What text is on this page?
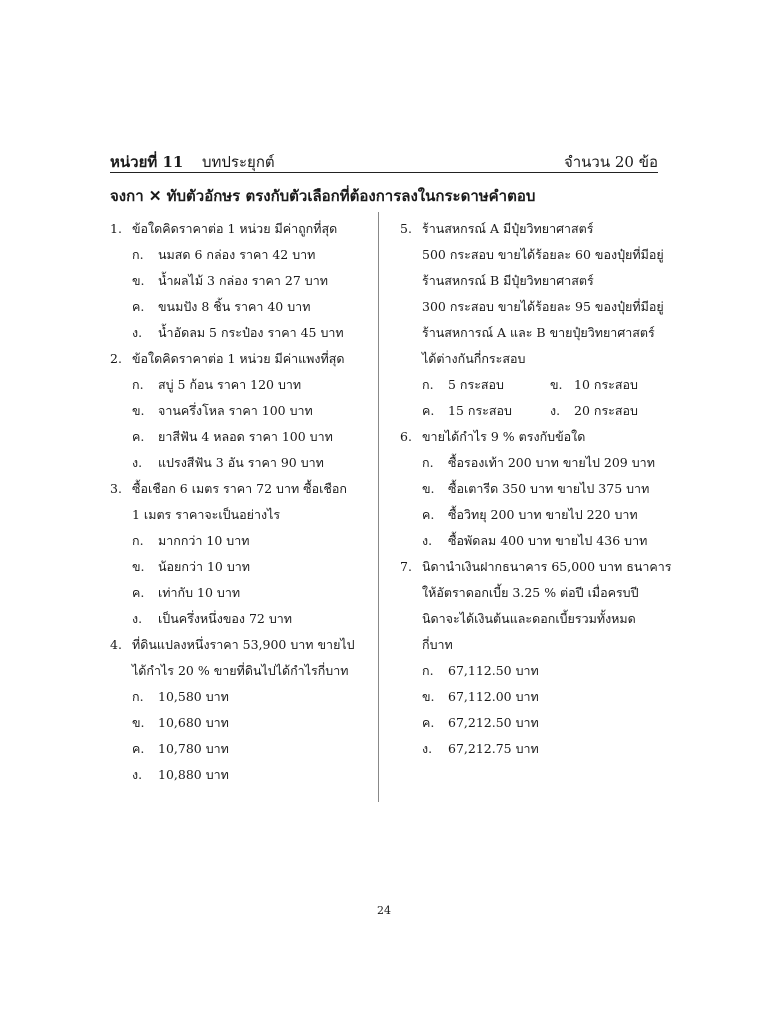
หน่วยที่ 11 บทประยุกต์	จำนวน 20 ข้อ
จงกา ✕ ทับตัวอักษร ตรงกับตัวเลือกที่ต้องการลงในกระดาษคำตอบ
1. ข้อใดคิดราคาต่อ 1 หน่วย มีค่าถูกที่สุด
ก. นมสด 6 กล่อง ราคา 42 บาท
ข. น้ำผลไม้ 3 กล่อง ราคา 27 บาท
ค. ขนมปัง 8 ชิ้น ราคา 40 บาท
ง. น้ำอัดลม 5 กระป๋อง ราคา 45 บาท
2. ข้อใดคิดราคาต่อ 1 หน่วย มีค่าแพงที่สุด
ก. สบู่ 5 ก้อน ราคา 120 บาท
ข. จานครึ่งโหล ราคา 100 บาท
ค. ยาสีฟัน 4 หลอด ราคา 100 บาท
ง. แปรงสีฟัน 3 อัน ราคา 90 บาท
3. ซื้อเชือก 6 เมตร ราคา 72 บาท ซื้อเชือก
1 เมตร ราคาจะเป็นอย่างไร
ก. มากกว่า 10 บาท
ข. น้อยกว่า 10 บาท
ค. เท่ากับ 10 บาท
ง. เป็นครึ่งหนึ่งของ 72 บาท
4. ที่ดินแปลงหนึ่งราคา 53,900 บาท ขายไป
ได้กำไร 20 % ขายที่ดินไปได้กำไรกี่บาท
ก. 10,580 บาท
ข. 10,680 บาท
ค. 10,780 บาท
ง. 10,880 บาท
5. ร้านสหกรณ์ A มีปุ๋ยวิทยาศาสตร์
500 กระสอบ ขายได้ร้อยละ 60 ของปุ๋ยที่มีอยู่
ร้านสหกรณ์ B มีปุ๋ยวิทยาศาสตร์
300 กระสอบ ขายได้ร้อยละ 95 ของปุ๋ยที่มีอยู่
ร้านสหการณ์ A และ B ขายปุ๋ยวิทยาศาสตร์
ได้ต่างกันกี่กระสอบ
ก. 5 กระสอบ	ข. 10 กระสอบ
ค. 15 กระสอบ	ง. 20 กระสอบ
6. ขายได้กำไร 9 % ตรงกับข้อใด
ก. ซื้อรองเท้า 200 บาท ขายไป 209 บาท
ข. ซื้อเตารีด 350 บาท ขายไป 375 บาท
ค. ซื้อวิทยุ 200 บาท ขายไป 220 บาท
ง. ซื้อพัดลม 400 บาท ขายไป 436 บาท
7. นิดานำเงินฝากธนาคาร 65,000 บาท ธนาคาร
ให้อัตราดอกเบี้ย 3.25 % ต่อปี เมื่อครบปี
นิดาจะได้เงินต้นและดอกเบี้ยรวมทั้งหมด
กี่บาท
ก. 67,112.50 บาท
ข. 67,112.00 บาท
ค. 67,212.50 บาท
ง. 67,212.75 บาท
24
